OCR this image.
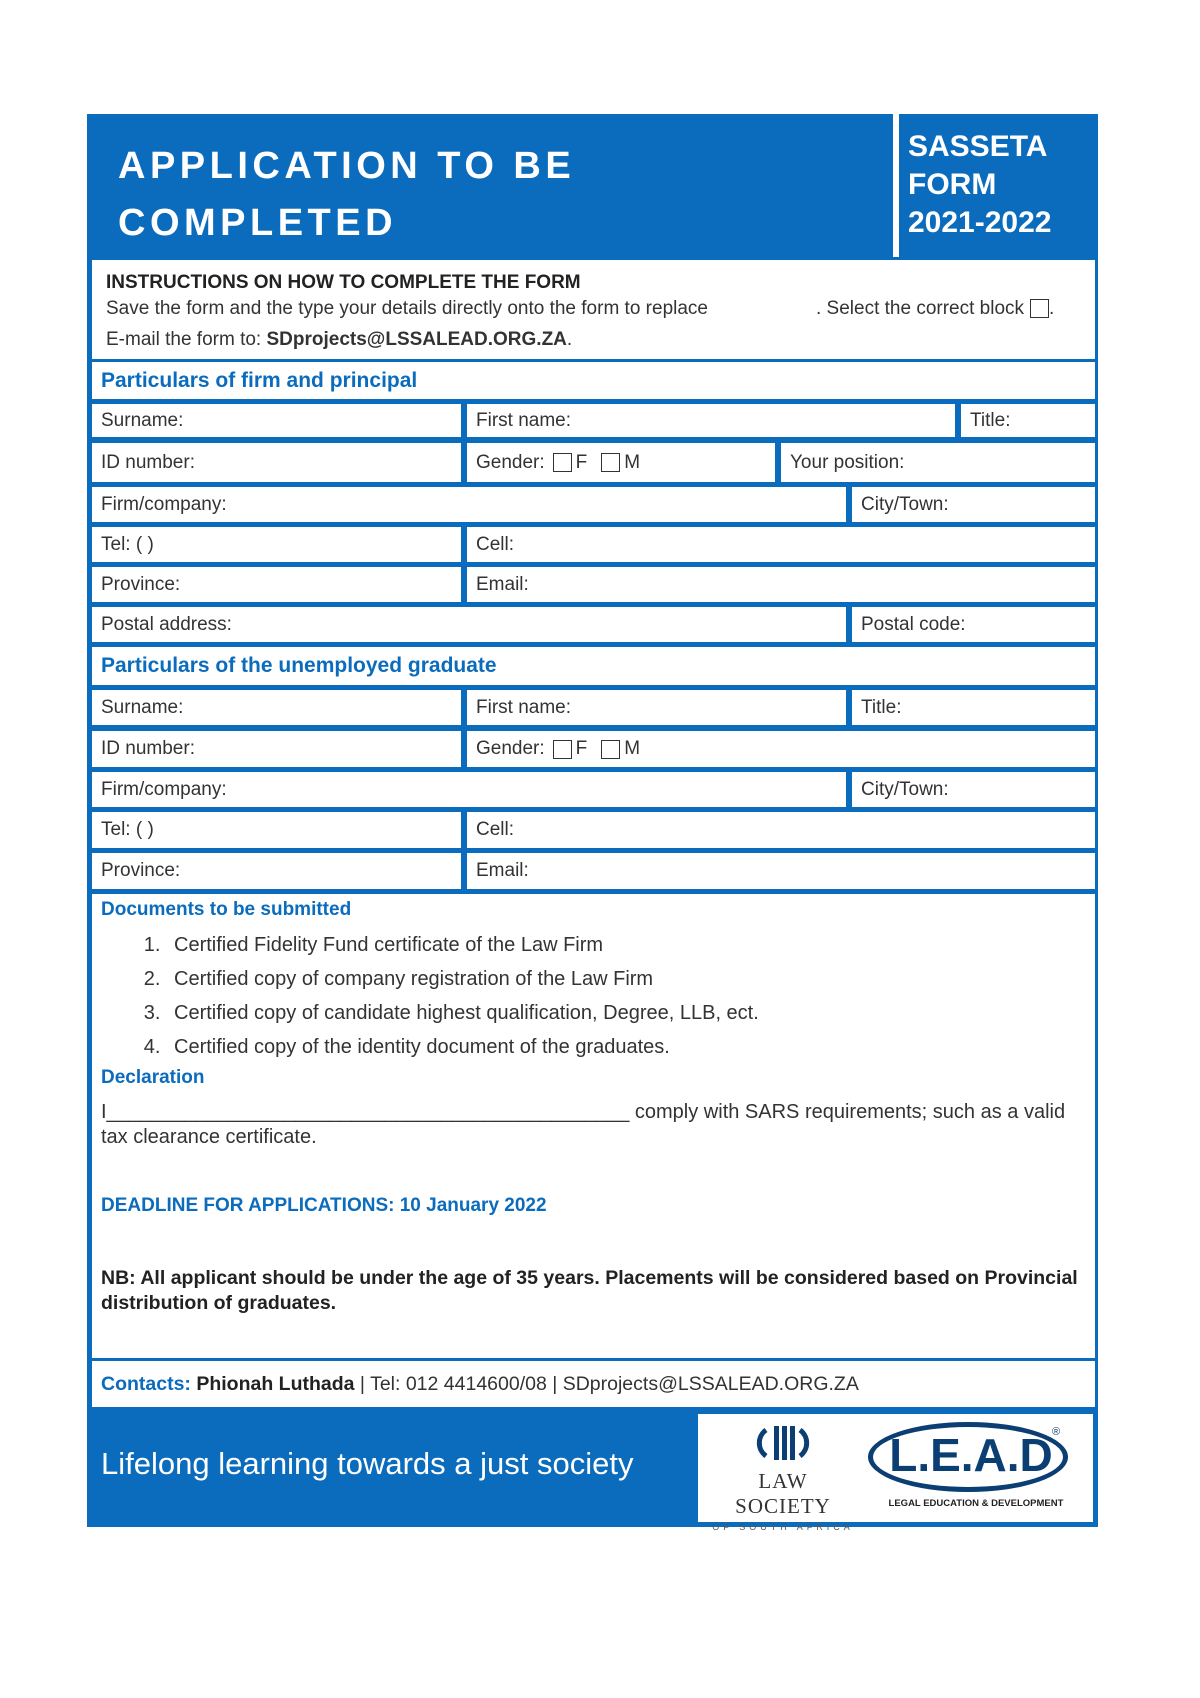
APPLICATION TO BE
COMPLETED
SASSETA
FORM
2021-2022
INSTRUCTIONS ON HOW TO COMPLETE THE FORM
Save the form and the type your details directly onto the form to replace	. Select the correct block .
E-mail the form to: SDprojects@LSSALEAD.ORG.ZA.
Particulars of firm and principal
Surname:	First name:	Title:
ID number:	Gender: F M	Your position:
Firm/company:	City/Town:
Tel: ( )	Cell:
Province:	Email:
Postal address:	Postal code:
Particulars of the unemployed graduate
Surname:	First name:	Title:
ID number:	Gender: F M
Firm/company:	City/Town:
Tel: ( )	Cell:
Province:	Email:
Documents to be submitted
1. Certified Fidelity Fund certificate of the Law Firm
2. Certified copy of company registration of the Law Firm
3. Certified copy of candidate highest qualification, Degree, LLB, ect.
4. Certified copy of the identity document of the graduates.
Declaration
I_______________________________________________ comply with SARS requirements; such as a valid tax clearance certificate.
DEADLINE FOR APPLICATIONS: 10 January 2022
NB: All applicant should be under the age of 35 years. Placements will be considered based on Provincial distribution of graduates.
Contacts:
Phionah Luthada | Tel: 012 4414600/08 | SDprojects@LSSALEAD.ORG.ZA
Lifelong learning towards a just society	LAW SOCIETY
OF SOUTH AFRICA
L.E.A.D ®
LEGAL EDUCATION & DEVELOPMENT
